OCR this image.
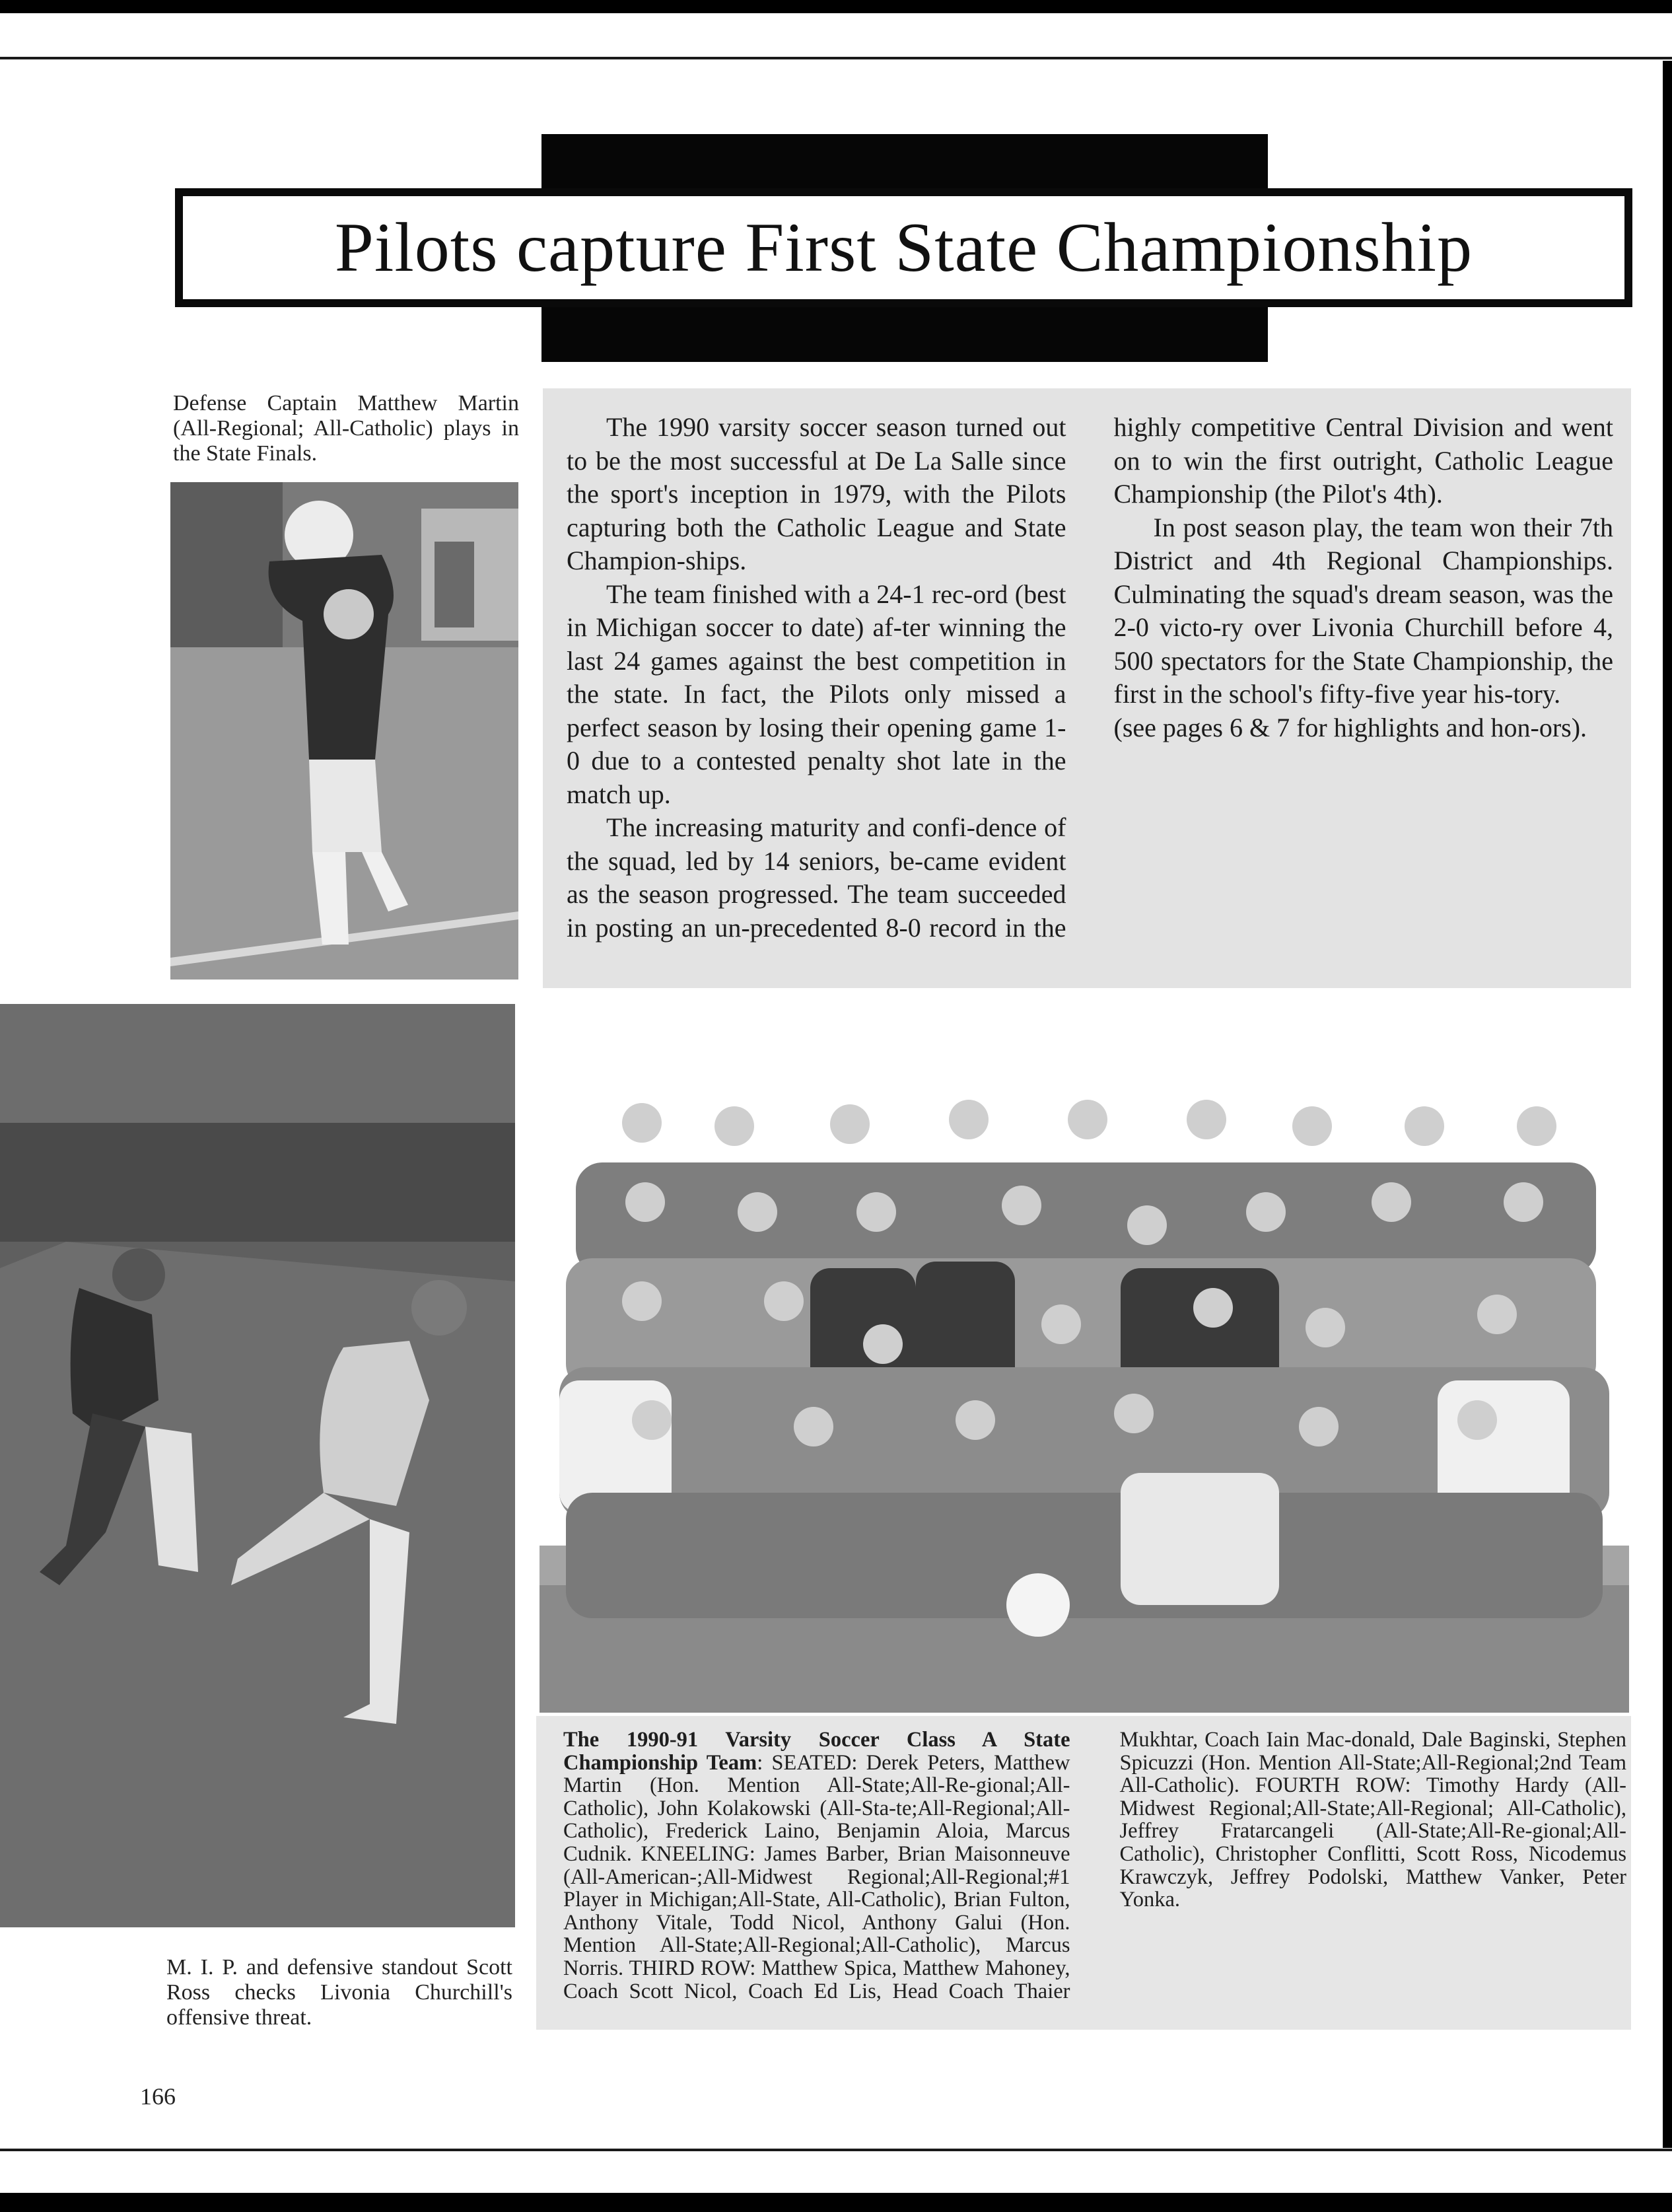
Pilots capture First State Championship
Defense Captain Matthew Martin (All-Regional; All-Catholic) plays in the State Finals.

The 1990 varsity soccer season turned out to be the most successful at De La Salle since the sport's inception in 1979, with the Pilots capturing both the Catholic League and State Champion-ships.

The team finished with a 24-1 rec-ord (best in Michigan soccer to date) af-ter winning the last 24 games against the best competition in the state. In fact, the Pilots only missed a perfect season by losing their opening game 1-0 due to a contested penalty shot late in the match up.

The increasing maturity and confi-dence of the squad, led by 14 seniors, be-came evident as the season progressed. The team succeeded in posting an un-precedented 8-0 record in the highly competitive Central Division and went on to win the first outright, Catholic League Championship (the Pilot's 4th).

In post season play, the team won their 7th District and 4th Regional Championships. Culminating the squad's dream season, was the 2-0 victo-ry over Livonia Churchill before 4, 500 spectators for the State Championship, the first in the school's fifty-five year his-tory.

(see pages 6 & 7 for highlights and hon-ors).

M. I. P. and defensive standout Scott Ross checks Livonia Churchill's offensive threat.
The 1990-91 Varsity Soccer Class A State Championship Team: SEATED: Derek Peters, Matthew Martin (Hon. Mention All-State;All-Re-gional;All-Catholic), John Kolakowski (All-Sta-te;All-Regional;All-Catholic), Frederick Laino, Benjamin Aloia, Marcus Cudnik. KNEELING: James Barber, Brian Maisonneuve (All-American-;All-Midwest Regional;All-Regional;#1 Player in Michigan;All-State, All-Catholic), Brian Fulton, Anthony Vitale, Todd Nicol, Anthony Galui (Hon. Mention All-State;All-Regional;All-Catholic), Marcus Norris. THIRD ROW: Matthew Spica, Matthew Mahoney, Coach Scott Nicol, Coach Ed Lis, Head Coach Thaier Mukhtar, Coach Iain Mac-donald, Dale Baginski, Stephen Spicuzzi (Hon. Mention All-State;All-Regional;2nd Team All-Catholic). FOURTH ROW: Timothy Hardy (All-Midwest Regional;All-State;All-Regional; All-Catholic), Jeffrey Fratarcangeli (All-State;All-Re-gional;All-Catholic), Christopher Conflitti, Scott Ross, Nicodemus Krawczyk, Jeffrey Podolski, Matthew Vanker, Peter Yonka.
166
